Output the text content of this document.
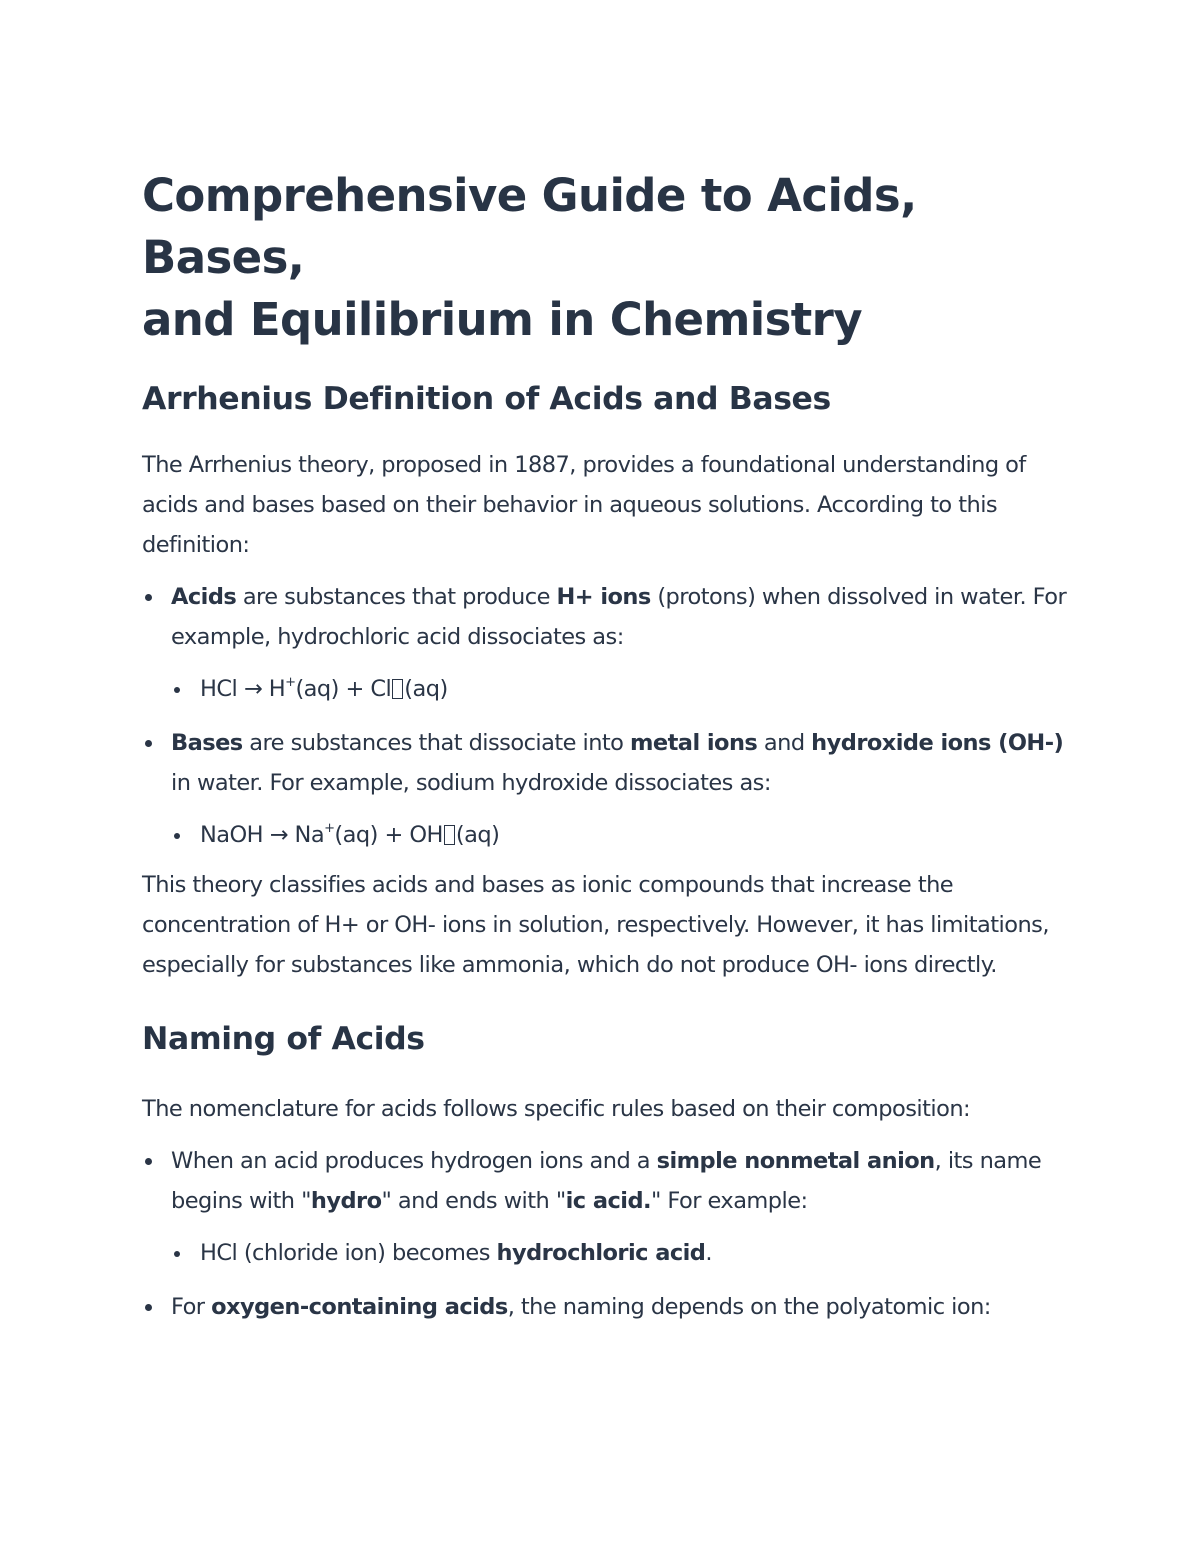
Comprehensive Guide to Acids, Bases,
and Equilibrium in Chemistry
Arrhenius Definition of Acids and Bases

The Arrhenius theory, proposed in 1887, provides a foundational understanding of acids and bases based on their behavior in aqueous solutions. According to this definition:

Acids are substances that produce H+ ions (protons) when dissolved in water. For example, hydrochloric acid dissociates as:
HCl → H+(aq) + Cl (aq)
Bases are substances that dissociate into metal ions and hydroxide ions (OH-) in water. For example, sodium hydroxide dissociates as:
NaOH → Na+(aq) + OH (aq)

This theory classifies acids and bases as ionic compounds that increase the concentration of H+ or OH- ions in solution, respectively. However, it has limitations, especially for substances like ammonia, which do not produce OH- ions directly.

Naming of Acids

The nomenclature for acids follows specific rules based on their composition:

When an acid produces hydrogen ions and a simple nonmetal anion, its name begins with "hydro" and ends with "ic acid." For example:
HCl (chloride ion) becomes hydrochloric acid.
For oxygen-containing acids, the naming depends on the polyatomic ion:
